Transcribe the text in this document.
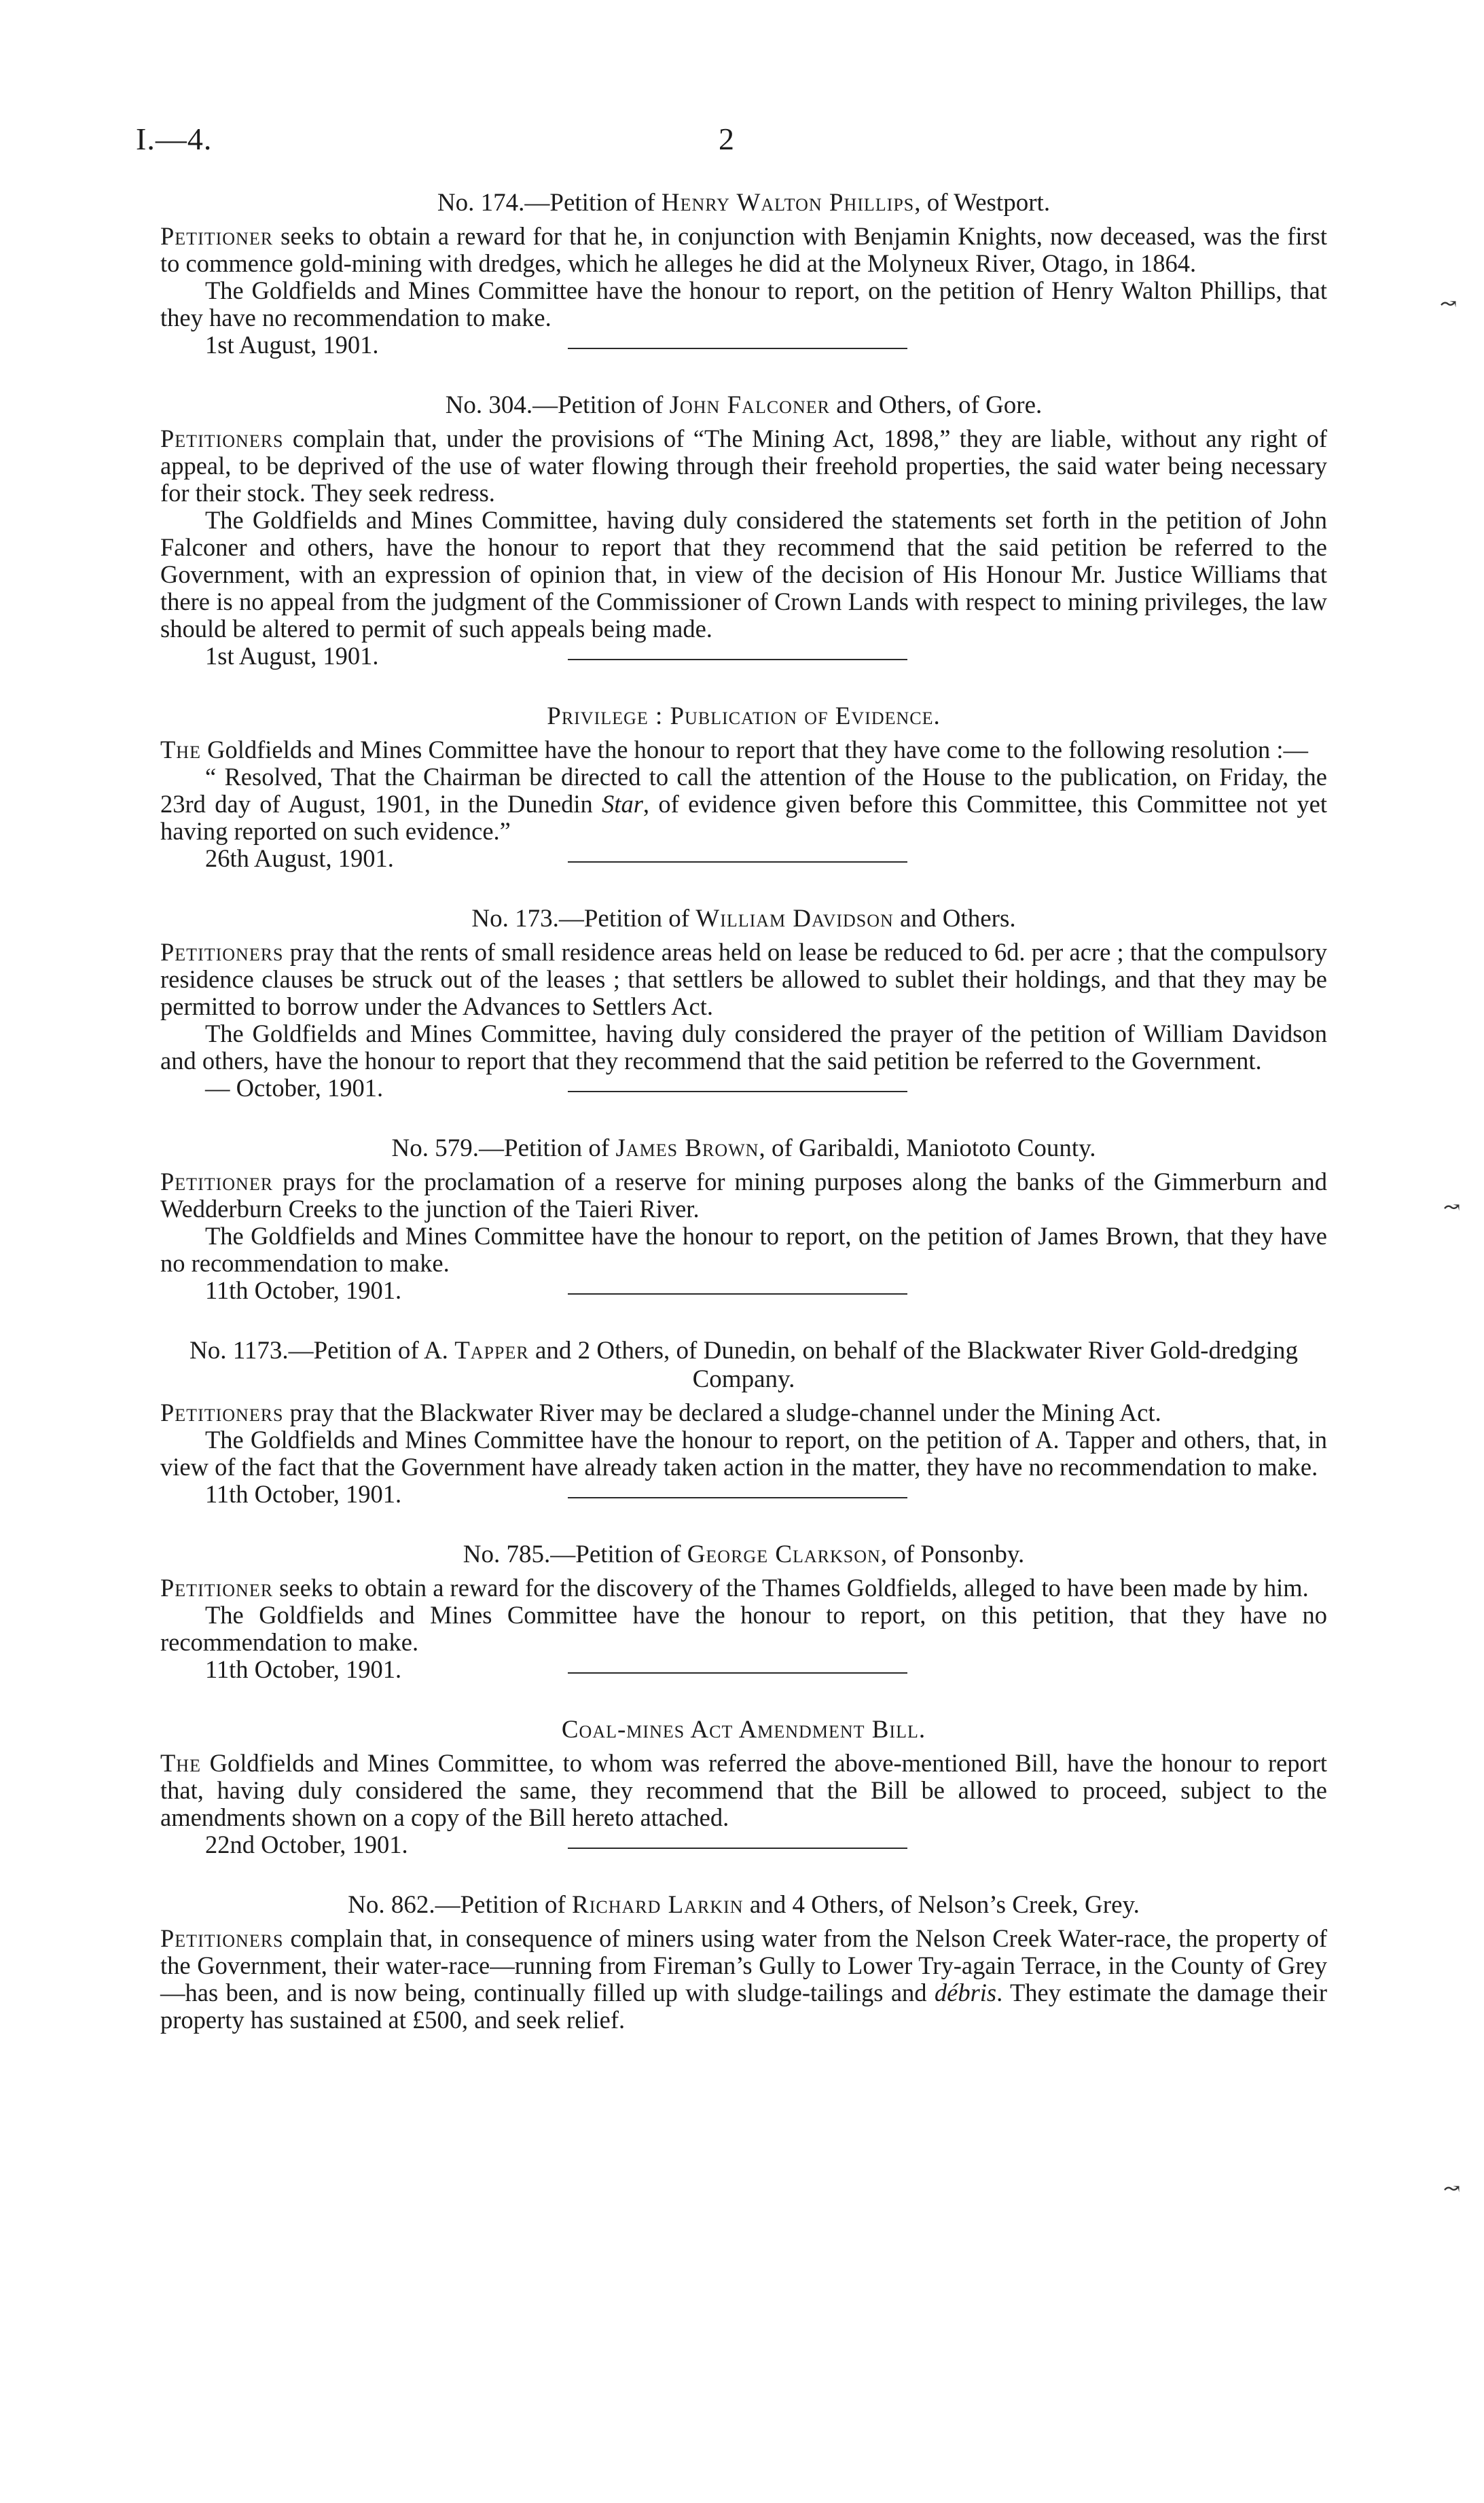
I.—4.	2
No. 174.—Petition of Henry Walton Phillips, of Westport.

Petitioner seeks to obtain a reward for that he, in conjunction with Benjamin Knights, now deceased, was the first to commence gold-mining with dredges, which he alleges he did at the Molyneux River, Otago, in 1864.

The Goldfields and Mines Committee have the honour to report, on the petition of Henry Walton Phillips, that they have no recommendation to make.

1st August, 1901.
No. 304.—Petition of John Falconer and Others, of Gore.

Petitioners complain that, under the provisions of “The Mining Act, 1898,” they are liable, without any right of appeal, to be deprived of the use of water flowing through their freehold properties, the said water being necessary for their stock. They seek redress.

The Goldfields and Mines Committee, having duly considered the statements set forth in the petition of John Falconer and others, have the honour to report that they recommend that the said petition be referred to the Government, with an expression of opinion that, in view of the decision of His Honour Mr. Justice Williams that there is no appeal from the judgment of the Commissioner of Crown Lands with respect to mining privileges, the law should be altered to permit of such appeals being made.

1st August, 1901.
Privilege : Publication of Evidence.

The Goldfields and Mines Committee have the honour to report that they have come to the following resolution :—

“ Resolved, That the Chairman be directed to call the attention of the House to the publication, on Friday, the 23rd day of August, 1901, in the Dunedin Star, of evidence given before this Committee, this Committee not yet having reported on such evidence.”

26th August, 1901.
No. 173.—Petition of William Davidson and Others.

Petitioners pray that the rents of small residence areas held on lease be reduced to 6d. per acre ; that the compulsory residence clauses be struck out of the leases ; that settlers be allowed to sublet their holdings, and that they may be permitted to borrow under the Advances to Settlers Act.

The Goldfields and Mines Committee, having duly considered the prayer of the petition of William Davidson and others, have the honour to report that they recommend that the said petition be referred to the Government.

— October, 1901.
No. 579.—Petition of James Brown, of Garibaldi, Maniototo County.

Petitioner prays for the proclamation of a reserve for mining purposes along the banks of the Gimmerburn and Wedderburn Creeks to the junction of the Taieri River.

The Goldfields and Mines Committee have the honour to report, on the petition of James Brown, that they have no recommendation to make.

11th October, 1901.
No. 1173.—Petition of A. Tapper and 2 Others, of Dunedin, on behalf of the Blackwater River Gold-dredging Company.

Petitioners pray that the Blackwater River may be declared a sludge-channel under the Mining Act.

The Goldfields and Mines Committee have the honour to report, on the petition of A. Tapper and others, that, in view of the fact that the Government have already taken action in the matter, they have no recommendation to make.

11th October, 1901.
No. 785.—Petition of George Clarkson, of Ponsonby.

Petitioner seeks to obtain a reward for the discovery of the Thames Goldfields, alleged to have been made by him.

The Goldfields and Mines Committee have the honour to report, on this petition, that they have no recommendation to make.

11th October, 1901.
Coal-mines Act Amendment Bill.

The Goldfields and Mines Committee, to whom was referred the above-mentioned Bill, have the honour to report that, having duly considered the same, they recommend that the Bill be allowed to proceed, subject to the amendments shown on a copy of the Bill hereto attached.

22nd October, 1901.
No. 862.—Petition of Richard Larkin and 4 Others, of Nelson’s Creek, Grey.

Petitioners complain that, in consequence of miners using water from the Nelson Creek Water-race, the property of the Government, their water-race—running from Fireman’s Gully to Lower Try-again Terrace, in the County of Grey—has been, and is now being, continually filled up with sludge-tailings and débris. They estimate the damage their property has sustained at £500, and seek relief.

↝
↝
↝
